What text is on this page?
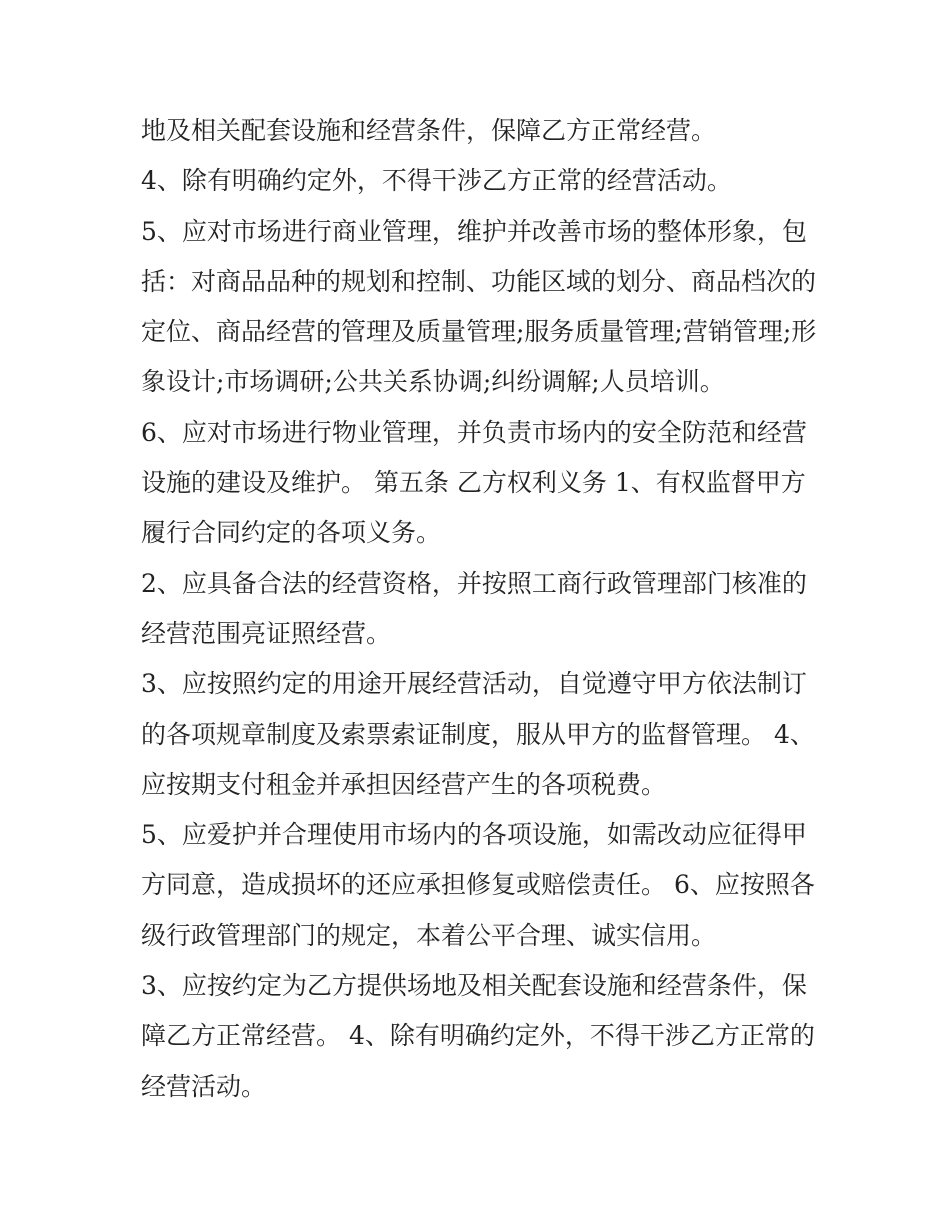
地及相关配套设施和经营条件，保障乙方正常经营。
4、除有明确约定外，不得干涉乙方正常的经营活动。
5、应对市场进行商业管理，维护并改善市场的整体形象，包
括：对商品品种的规划和控制、功能区域的划分、商品档次的
定位、商品经营的管理及质量管理;服务质量管理;营销管理;形
象设计;市场调研;公共关系协调;纠纷调解;人员培训。
6、应对市场进行物业管理，并负责市场内的安全防范和经营
设施的建设及维护。 第五条 乙方权利义务 1、有权监督甲方
履行合同约定的各项义务。
2、应具备合法的经营资格，并按照工商行政管理部门核准的
经营范围亮证照经营。
3、应按照约定的用途开展经营活动，自觉遵守甲方依法制订
的各项规章制度及索票索证制度，服从甲方的监督管理。 4、
应按期支付租金并承担因经营产生的各项税费。
5、应爱护并合理使用市场内的各项设施，如需改动应征得甲
方同意，造成损坏的还应承担修复或赔偿责任。 6、应按照各
级行政管理部门的规定，本着公平合理、诚实信用。
3、应按约定为乙方提供场地及相关配套设施和经营条件，保
障乙方正常经营。 4、除有明确约定外，不得干涉乙方正常的
经营活动。
